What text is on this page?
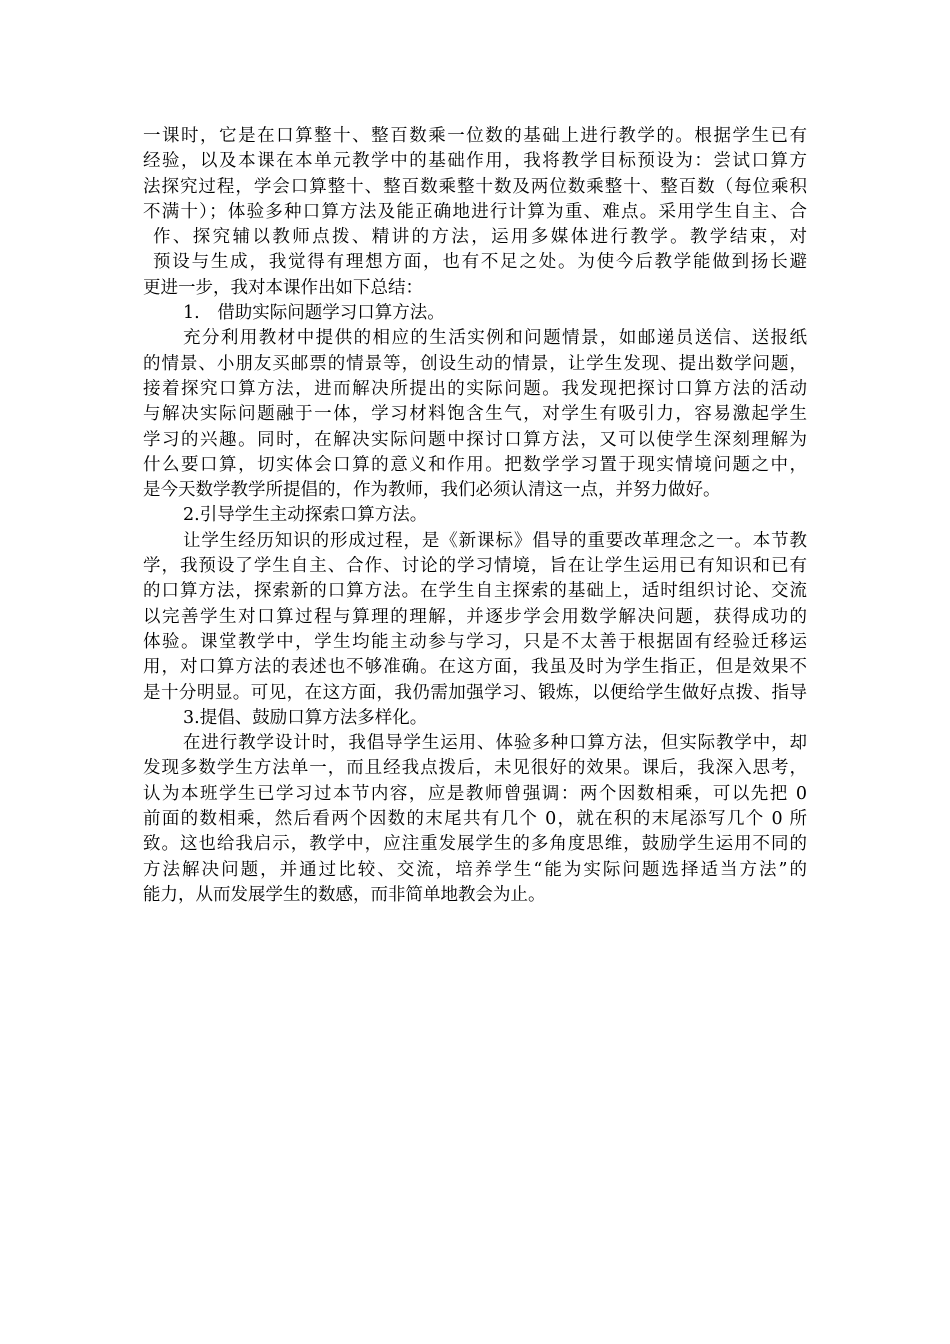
一课时，它是在口算整十、整百数乘一位数的基础上进行教学的。根据学生已有
经验，以及本课在本单元教学中的基础作用，我将教学目标预设为：尝试口算方
法探究过程，学会口算整十、整百数乘整十数及两位数乘整十、整百数（每位乘积
不满十）；体验多种口算方法及能正确地进行计算为重、难点。采用学生自主、合
作、探究辅以教师点拨、精讲的方法，运用多媒体进行教学。教学结束，对
预设与生成，我觉得有理想方面，也有不足之处。为使今后教学能做到扬长避
更进一步，我对本课作出如下总结：
1.　借助实际问题学习口算方法。
充分利用教材中提供的相应的生活实例和问题情景，如邮递员送信、送报纸
的情景、小朋友买邮票的情景等，创设生动的情景，让学生发现、提出数学问题，
接着探究口算方法，进而解决所提出的实际问题。我发现把探讨口算方法的活动
与解决实际问题融于一体，学习材料饱含生气，对学生有吸引力，容易激起学生
学习的兴趣。同时，在解决实际问题中探讨口算方法，又可以使学生深刻理解为
什么要口算，切实体会口算的意义和作用。把数学学习置于现实情境问题之中，
是今天数学教学所提倡的，作为教师，我们必须认清这一点，并努力做好。
2.引导学生主动探索口算方法。
让学生经历知识的形成过程，是《新课标》倡导的重要改革理念之一。本节教
学，我预设了学生自主、合作、讨论的学习情境，旨在让学生运用已有知识和已有
的口算方法，探索新的口算方法。在学生自主探索的基础上，适时组织讨论、交流
以完善学生对口算过程与算理的理解，并逐步学会用数学解决问题，获得成功的
体验。课堂教学中，学生均能主动参与学习，只是不太善于根据固有经验迁移运
用，对口算方法的表述也不够准确。在这方面，我虽及时为学生指正，但是效果不
是十分明显。可见，在这方面，我仍需加强学习、锻炼，以便给学生做好点拨、指导
3.提倡、鼓励口算方法多样化。
在进行教学设计时，我倡导学生运用、体验多种口算方法，但实际教学中，却
发现多数学生方法单一，而且经我点拨后，未见很好的效果。课后，我深入思考，
认为本班学生已学习过本节内容，应是教师曾强调：两个因数相乘，可以先把 0
前面的数相乘，然后看两个因数的末尾共有几个 0，就在积的末尾添写几个 0 所
致。这也给我启示，教学中，应注重发展学生的多角度思维，鼓励学生运用不同的
方法解决问题，并通过比较、交流，培养学生“能为实际问题选择适当方法”的
能力，从而发展学生的数感，而非简单地教会为止。
